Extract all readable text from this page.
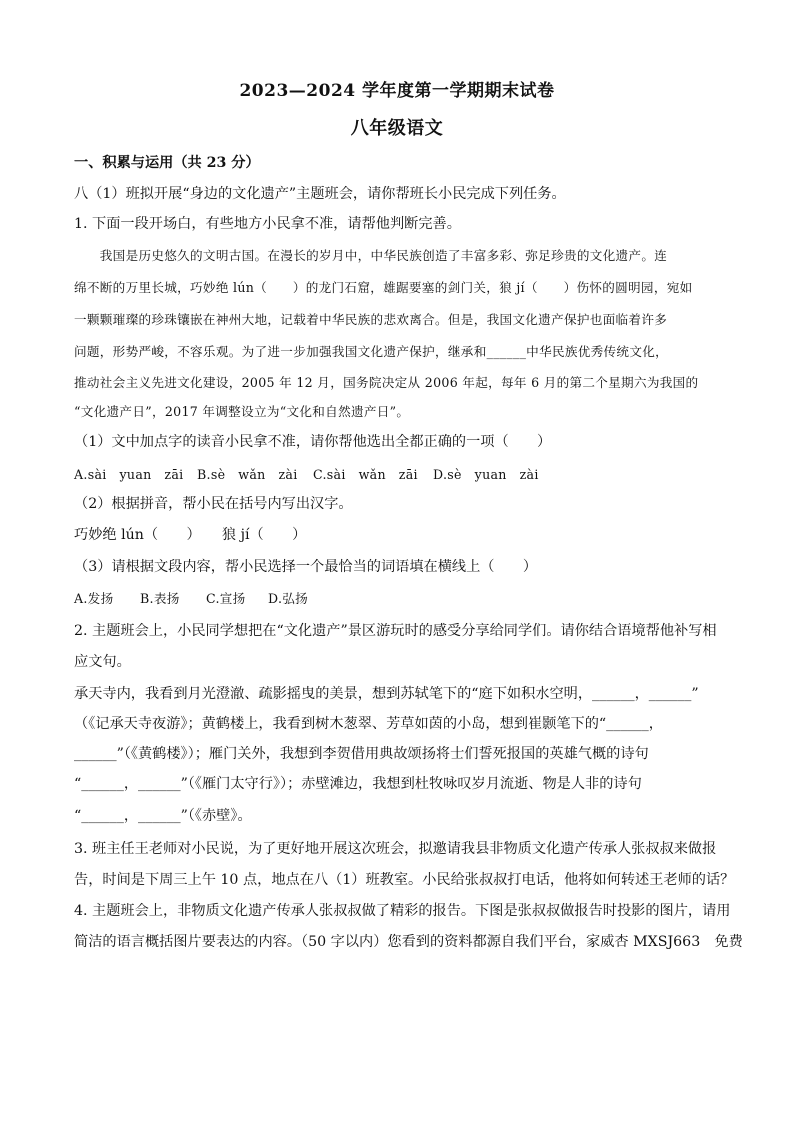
2023—2024 学年度第一学期期末试卷
八年级语文
一、积累与运用（共 23 分）
八（1）班拟开展“身边的文化遗产”主题班会，请你帮班长小民完成下列任务。
1. 下面一段开场白，有些地方小民拿不准，请帮他判断完善。
　　我国是历史悠久的文明古国。在漫长的岁月中，中华民族创造了丰富多彩、弥足珍贵的文化遗产。连
绵不断的万里长城，巧妙绝 lún（　　）的龙门石窟，雄踞要塞的剑门关，狼 jí（　　）伤怀的圆明园，宛如
一颗颗璀璨的珍珠镶嵌在神州大地，记载着中华民族的悲欢离合。但是，我国文化遗产保护也面临着许多
问题，形势严峻，不容乐观。为了进一步加强我国文化遗产保护，继承和______中华民族优秀传统文化，
推动社会主义先进文化建设，2005 年 12 月，国务院决定从 2006 年起，每年 6 月的第二个星期六为我国的
“文化遗产日”，2017 年调整设立为“文化和自然遗产日”。
（1）文中加点字的读音小民拿不准，请你帮他选出全都正确的一项（　　）
A.sài　yuan　zāi B.sè　wǎn　zài C.sài　wǎn　zāi D.sè　yuan　zài
（2）根据拼音，帮小民在括号内写出汉字。
巧妙绝 lún（　　）　　狼 jí（　　）
（3）请根据文段内容，帮小民选择一个最恰当的词语填在横线上（　　）
A.发扬 B.表扬 C.宣扬 D.弘扬
2. 主题班会上，小民同学想把在“文化遗产”景区游玩时的感受分享给同学们。请你结合语境帮他补写相
应文句。
承天寺内，我看到月光澄澈、疏影摇曳的美景，想到苏轼笔下的“庭下如积水空明，______，______”
（《记承天寺夜游》；黄鹤楼上，我看到树木葱翠、芳草如茵的小岛，想到崔颢笔下的“______，
______”（《黄鹤楼》）；雁门关外，我想到李贺借用典故颂扬将士们誓死报国的英雄气概的诗句
“______，______”（《雁门太守行》）；赤壁滩边，我想到杜牧咏叹岁月流逝、物是人非的诗句
“______，______”（《赤壁》。
3. 班主任王老师对小民说，为了更好地开展这次班会，拟邀请我县非物质文化遗产传承人张叔叔来做报
告，时间是下周三上午 10 点，地点在八（1）班教室。小民给张叔叔打电话，他将如何转述王老师的话？
4. 主题班会上，非物质文化遗产传承人张叔叔做了精彩的报告。下图是张叔叔做报告时投影的图片，请用
简洁的语言概括图片要表达的内容。（50 字以内）您看到的资料都源自我们平台，家威杏 MXSJ663　免费
